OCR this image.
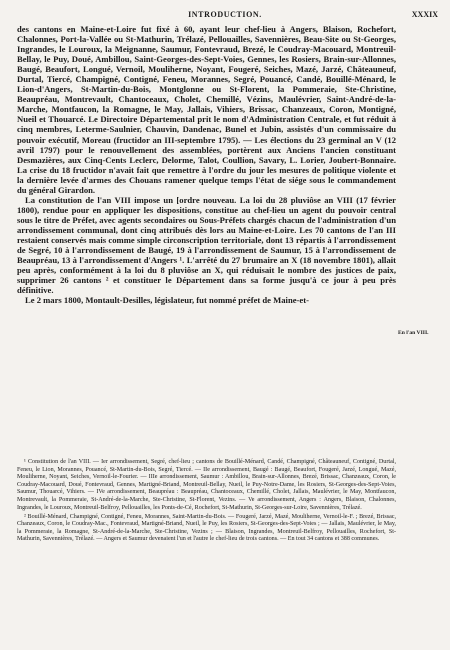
INTRODUCTION.	XXXIX

des cantons en Maine-et-Loire fut fixé à 60, ayant leur chef-lieu à Angers, Blaison, Rochefort, Chalonnes, Port-la-Vallée ou St-Mathurin, Trélazé, Pellouailles, Savennières, Beau-Site ou St-Georges, Ingrandes, le Louroux, la Meignanne, Saumur, Fontevraud, Brezé, le Coudray-Macouard, Montreuil-Bellay, le Puy, Doué, Ambillou, Saint-Georges-des-Sept-Voies, Gennes, les Rosiers, Brain-sur-Allonnes, Baugé, Beaufort, Longué, Vernoil, Mouliherne, Noyant, Fougeré, Seiches, Mazé, Jarzé, Châteauneuf, Durtal, Tiercé, Champigné, Contigné, Feneu, Morannes, Segré, Pouancé, Candé, Bouillé-Ménard, le Lion-d'Angers, St-Martin-du-Bois, Montglonne ou St-Florent, la Pommeraie, Ste-Christine, Beaupréau, Montrevault, Chantoceaux, Cholet, Chemillé, Vézins, Maulévrier, Saint-André-de-la-Marche, Montfaucon, la Romagne, le May, Jallais, Vihiers, Brissac, Chanzeaux, Coron, Montigné, Nueil et Thouarcé. Le Directoire Départemental prit le nom d'Administration Centrale, et fut réduit à cinq membres, Leterme-Saulnier, Chauvin, Dandenac, Bunel et Jubin, assistés d'un commissaire du pouvoir exécutif, Moreau (fructidor an III-septembre 1795). — Les élections du 23 germinal an V (12 avril 1797) pour le renouvellement des assemblées, portèrent aux Anciens l'ancien constituant Desmazières, aux Cinq-Cents Leclerc, Delorme, Talot, Coullion, Savary, L. Lorier, Joubert-Bonnaire. La crise du 18 fructidor n'avait fait que remettre à l'ordre du jour les mesures de politique violente et la dernière levée d'armes des Chouans ramener quelque temps l'état de siége sous le commandement du général Girardon.

La constitution de l'an VIII impose un [ordre nouveau. La loi du 28 pluviôse an VIII (17 février 1800), rendue pour en appliquer les dispositions, constitue au chef-lieu un agent du pouvoir central sous le titre de Préfet, avec agents secondaires ou Sous-Préfets chargés chacun de l'administration d'un arrondissement communal, dont cinq attribués dès lors au Maine-et-Loire. Les 70 cantons de l'an III restaient conservés mais comme simple circonscription territoriale, dont 13 répartis à l'arrondissement de Segré, 10 à l'arrondissement de Baugé, 19 à l'arrondissement de Saumur, 15 à l'arrondissement de Beaupréau, 13 à l'arrondissement d'Angers ¹. L'arrêté du 27 brumaire an X (18 novembre 1801), allait peu après, conformément à la loi du 8 pluviôse an X, qui réduisait le nombre des justices de paix, supprimer 26 cantons ² et constituer le Département dans sa forme jusqu'à ce jour à peu près définitive.

Le 2 mars 1800, Montault-Desilles, législateur, fut nommé préfet de Maine-et-

En l'an VIII.

¹ Constitution de l'an VIII. — Ier arrondissement, Segré, chef-lieu ; cantons de Bouillé-Ménard, Candé, Champigné, Châteauneuf, Contigné, Durtal, Feneu, le Lion, Morannes, Pouancé, St-Martin-du-Bois, Segré, Tiercé. — IIe arrondissement, Baugé : Baugé, Beaufort, Fougeré, Jarzé, Longué, Mazé, Mouliherne, Noyant, Seiches, Vernoil-le-Fourier. — IIIe arrondissement, Saumur : Ambillou, Brain-sur-Allonnes, Brezé, Brissac, Chanzeaux, Coron, le Coudray-Macouard, Doué, Fontevraud, Gennes, Martigné-Briand, Montreuil-Bellay, Nueil, le Puy-Notre-Dame, les Rosiers, St-Georges-des-Sept-Voies, Saumur, Thouarcé, Vihiers. — IVe arrondissement, Beaupréau : Beaupréau, Chantoceaux, Chemillé, Cholet, Jallais, Maulévrier, le May, Montfaucon, Montrevault, la Pommeraie, St-André-de-la-Marche, Ste-Christine, St-Florent, Vezins. — Ve arrondissement, Angers : Angers, Blaison, Chalonnes, Ingrandes, le Louroux, Montreuil-Belfroy, Pellouailles, les Ponts-de-Cé, Rochefort, St-Mathurin, St-Georges-sur-Loire, Savennières, Trélazé.

² Bouillé-Ménard, Champigné, Contigné, Feneu, Morannes, Saint-Martin-du-Bois. — Fougeré, Jarzé, Mazé, Mouliherne, Vernoil-le-F. ; Brezé, Brissac, Chanzeaux, Coron, le Coudray-Mac., Fontevraud, Martigné-Briand, Nueil, le Puy, les Rosiers, St-Georges-des-Sept-Voies ; — Jallais, Maulévrier, le May, la Pommeraie, la Romagne, St-André-de-la-Marche, Ste-Christine, Vezins ; — Blaison, Ingrandes, Montreuil-Belfroy, Pellouailles, Rochefort, St-Mathurin, Savennières, Trélazé. — Angers et Saumur devenaient l'un et l'autre le chef-lieu de trois cantons. — En tout 34 cantons et 388 communes.
